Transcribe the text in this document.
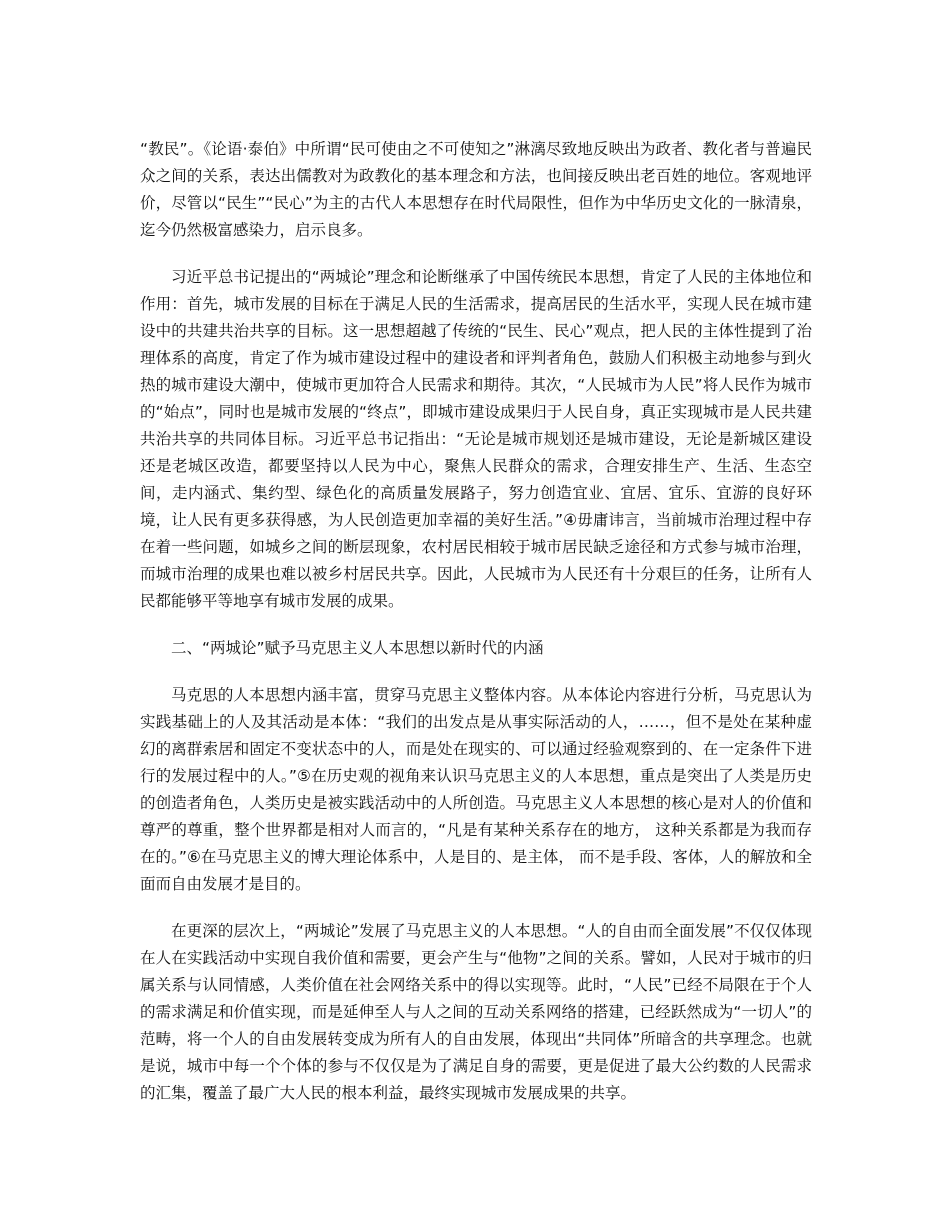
“教民”。《论语·泰伯》中所谓“民可使由之不可使知之”淋漓尽致地反映出为政者、教化者与普遍民众之间的关系，表达出儒教对为政教化的基本理念和方法，也间接反映出老百姓的地位。客观地评价，尽管以“民生”“民心”为主的古代人本思想存在时代局限性，但作为中华历史文化的一脉清泉，迄今仍然极富感染力，启示良多。

习近平总书记提出的“两城论”理念和论断继承了中国传统民本思想，肯定了人民的主体地位和作用：首先，城市发展的目标在于满足人民的生活需求，提高居民的生活水平，实现人民在城市建设中的共建共治共享的目标。这一思想超越了传统的“民生、民心”观点，把人民的主体性提到了治理体系的高度，肯定了作为城市建设过程中的建设者和评判者角色，鼓励人们积极主动地参与到火热的城市建设大潮中，使城市更加符合人民需求和期待。其次，“人民城市为人民”将人民作为城市的“始点”，同时也是城市发展的“终点”，即城市建设成果归于人民自身，真正实现城市是人民共建共治共享的共同体目标。习近平总书记指出：“无论是城市规划还是城市建设，无论是新城区建设还是老城区改造，都要坚持以人民为中心，聚焦人民群众的需求，合理安排生产、生活、生态空间，走内涵式、集约型、绿色化的高质量发展路子，努力创造宜业、宜居、宜乐、宜游的良好环境，让人民有更多获得感，为人民创造更加幸福的美好生活。”④毋庸讳言，当前城市治理过程中存在着一些问题，如城乡之间的断层现象，农村居民相较于城市居民缺乏途径和方式参与城市治理，而城市治理的成果也难以被乡村居民共享。因此，人民城市为人民还有十分艰巨的任务，让所有人民都能够平等地享有城市发展的成果。

二、“两城论”赋予马克思主义人本思想以新时代的内涵

马克思的人本思想内涵丰富，贯穿马克思主义整体内容。从本体论内容进行分析，马克思认为实践基础上的人及其活动是本体：“我们的出发点是从事实际活动的人，……，但不是处在某种虚幻的离群索居和固定不变状态中的人，而是处在现实的、可以通过经验观察到的、在一定条件下进行的发展过程中的人。”⑤在历史观的视角来认识马克思主义的人本思想，重点是突出了人类是历史的创造者角色，人类历史是被实践活动中的人所创造。马克思主义人本思想的核心是对人的价值和尊严的尊重，整个世界都是相对人而言的，“凡是有某种关系存在的地方， 这种关系都是为我而存在的。”⑥在马克思主义的博大理论体系中，人是目的、是主体， 而不是手段、客体，人的解放和全面而自由发展才是目的。

在更深的层次上，“两城论”发展了马克思主义的人本思想。“人的自由而全面发展”不仅仅体现在人在实践活动中实现自我价值和需要，更会产生与“他物”之间的关系。譬如，人民对于城市的归属关系与认同情感，人类价值在社会网络关系中的得以实现等。此时，“人民”已经不局限在于个人的需求满足和价值实现，而是延伸至人与人之间的互动关系网络的搭建，已经跃然成为“一切人”的范畴，将一个人的自由发展转变成为所有人的自由发展，体现出“共同体”所暗含的共享理念。也就是说，城市中每一个个体的参与不仅仅是为了满足自身的需要，更是促进了最大公约数的人民需求的汇集，覆盖了最广大人民的根本利益，最终实现城市发展成果的共享。
